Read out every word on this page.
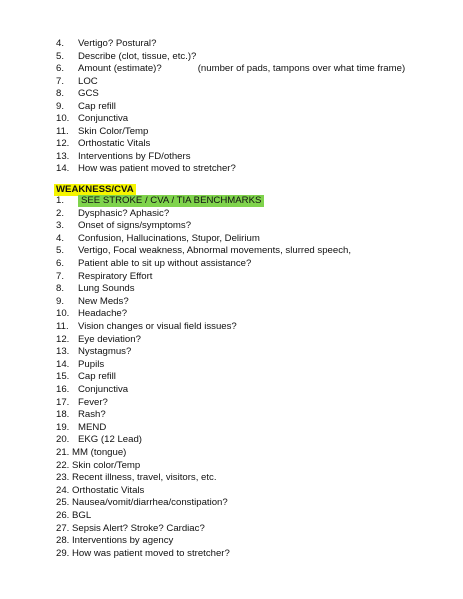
4. Vertigo? Postural?
5. Describe (clot, tissue, etc.)?
6. Amount (estimate)?	(number of pads, tampons over what time frame)
7. LOC
8. GCS
9. Cap refill
10. Conjunctiva
11. Skin Color/Temp
12. Orthostatic Vitals
13. Interventions by FD/others
14. How was patient moved to stretcher?
WEAKNESS/CVA
1. SEE STROKE / CVA / TIA BENCHMARKS
2. Dysphasic? Aphasic?
3. Onset of signs/symptoms?
4. Confusion, Hallucinations, Stupor, Delirium
5. Vertigo, Focal weakness, Abnormal movements, slurred speech,
6. Patient able to sit up without assistance?
7. Respiratory Effort
8. Lung Sounds
9. New Meds?
10. Headache?
11. Vision changes or visual field issues?
12. Eye deviation?
13. Nystagmus?
14. Pupils
15. Cap refill
16. Conjunctiva
17. Fever?
18. Rash?
19. MEND
20. EKG (12 Lead)
21. MM (tongue)
22. Skin color/Temp
23. Recent illness, travel, visitors, etc.
24. Orthostatic Vitals
25. Nausea/vomit/diarrhea/constipation?
26. BGL
27. Sepsis Alert? Stroke? Cardiac?
28. Interventions by agency
29. How was patient moved to stretcher?
